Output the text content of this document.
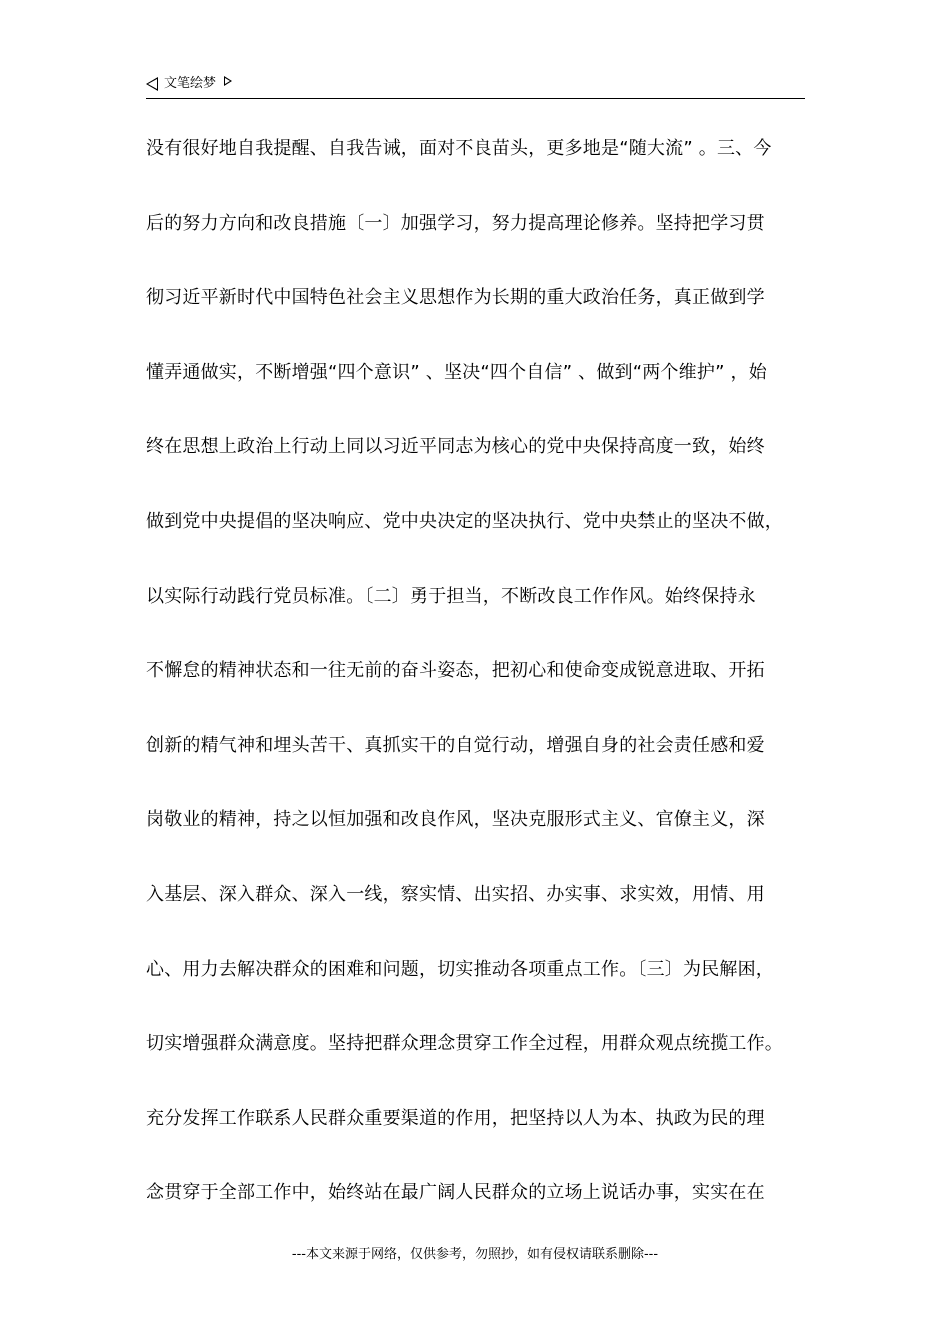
文笔绘梦
没有很好地自我提醒、自我告诫，面对不良苗头，更多地是“随大流” 。三、今
后的努力方向和改良措施〔一〕加强学习，努力提高理论修养。坚持把学习贯
彻习近平新时代中国特色社会主义思想作为长期的重大政治任务，真正做到学
懂弄通做实，不断增强“四个意识” 、坚决“四个自信” 、做到“两个维护” ，始
终在思想上政治上行动上同以习近平同志为核心的党中央保持高度一致，始终
做到党中央提倡的坚决响应、党中央决定的坚决执行、党中央禁止的坚决不做，
以实际行动践行党员标准。〔二〕勇于担当，不断改良工作作风。始终保持永
不懈怠的精神状态和一往无前的奋斗姿态，把初心和使命变成锐意进取、开拓
创新的精气神和埋头苦干、真抓实干的自觉行动，增强自身的社会责任感和爱
岗敬业的精神，持之以恒加强和改良作风，坚决克服形式主义、官僚主义，深
入基层、深入群众、深入一线，察实情、出实招、办实事、求实效，用情、用
心、用力去解决群众的困难和问题，切实推动各项重点工作。〔三〕为民解困，
切实增强群众满意度。坚持把群众理念贯穿工作全过程，用群众观点统揽工作。
充分发挥工作联系人民群众重要渠道的作用，把坚持以人为本、执政为民的理
念贯穿于全部工作中，始终站在最广阔人民群众的立场上说话办事，实实在在
---本文来源于网络，仅供参考，勿照抄，如有侵权请联系删除---
